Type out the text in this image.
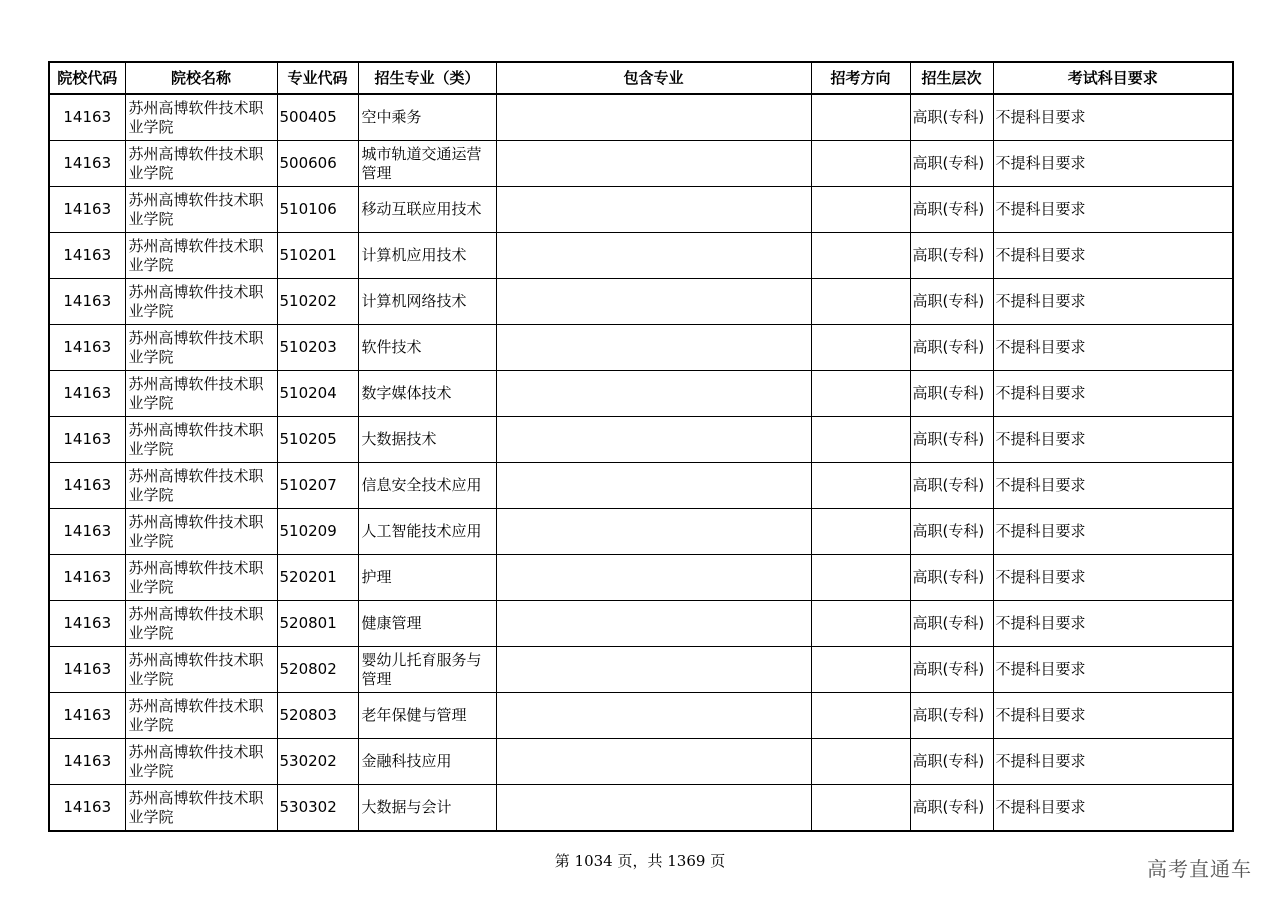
院校代码	院校名称	专业代码	招生专业（类）	包含专业	招考方向	招生层次	考试科目要求
14163	苏州高博软件技术职业学院	500405	空中乘务			高职(专科)	不提科目要求
14163	苏州高博软件技术职业学院	500606	城市轨道交通运营管理			高职(专科)	不提科目要求
14163	苏州高博软件技术职业学院	510106	移动互联应用技术			高职(专科)	不提科目要求
14163	苏州高博软件技术职业学院	510201	计算机应用技术			高职(专科)	不提科目要求
14163	苏州高博软件技术职业学院	510202	计算机网络技术			高职(专科)	不提科目要求
14163	苏州高博软件技术职业学院	510203	软件技术			高职(专科)	不提科目要求
14163	苏州高博软件技术职业学院	510204	数字媒体技术			高职(专科)	不提科目要求
14163	苏州高博软件技术职业学院	510205	大数据技术			高职(专科)	不提科目要求
14163	苏州高博软件技术职业学院	510207	信息安全技术应用			高职(专科)	不提科目要求
14163	苏州高博软件技术职业学院	510209	人工智能技术应用			高职(专科)	不提科目要求
14163	苏州高博软件技术职业学院	520201	护理			高职(专科)	不提科目要求
14163	苏州高博软件技术职业学院	520801	健康管理			高职(专科)	不提科目要求
14163	苏州高博软件技术职业学院	520802	婴幼儿托育服务与管理			高职(专科)	不提科目要求
14163	苏州高博软件技术职业学院	520803	老年保健与管理			高职(专科)	不提科目要求
14163	苏州高博软件技术职业学院	530202	金融科技应用			高职(专科)	不提科目要求
14163	苏州高博软件技术职业学院	530302	大数据与会计			高职(专科)	不提科目要求
第 1034 页，共 1369 页	高考直通车
